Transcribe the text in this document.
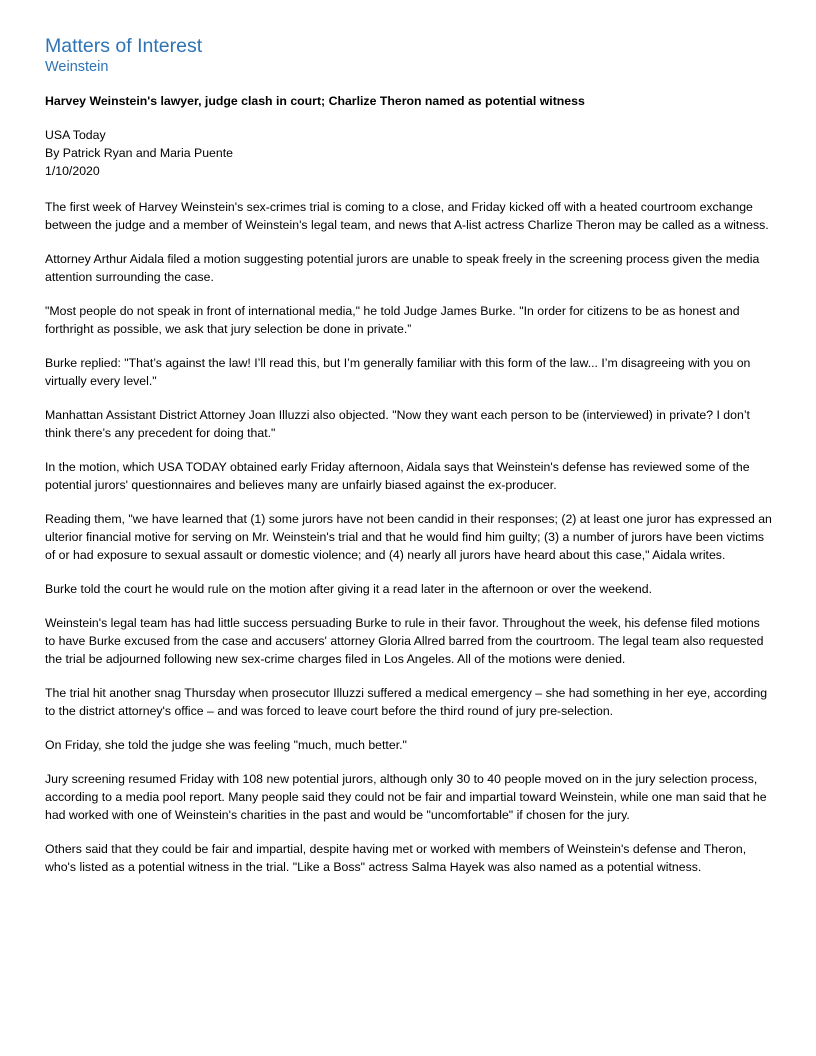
Matters of Interest
Weinstein
Harvey Weinstein's lawyer, judge clash in court; Charlize Theron named as potential witness
USA Today
By Patrick Ryan and Maria Puente
1/10/2020

The first week of Harvey Weinstein's sex-crimes trial is coming to a close, and Friday kicked off with a heated courtroom exchange between the judge and a member of Weinstein's legal team, and news that A-list actress Charlize Theron may be called as a witness.

Attorney Arthur Aidala filed a motion suggesting potential jurors are unable to speak freely in the screening process given the media attention surrounding the case.

"Most people do not speak in front of international media," he told Judge James Burke. "In order for citizens to be as honest and forthright as possible, we ask that jury selection be done in private.”

Burke replied: "That’s against the law! I’ll read this, but I’m generally familiar with this form of the law... I’m disagreeing with you on virtually every level."

Manhattan Assistant District Attorney Joan Illuzzi also objected. "Now they want each person to be (interviewed) in private? I don’t think there’s any precedent for doing that."

In the motion, which USA TODAY obtained early Friday afternoon, Aidala says that Weinstein's defense has reviewed some of the potential jurors' questionnaires and believes many are unfairly biased against the ex-producer.

Reading them, "we have learned that (1) some jurors have not been candid in their responses; (2) at least one juror has expressed an ulterior financial motive for serving on Mr. Weinstein's trial and that he would find him guilty; (3) a number of jurors have been victims of or had exposure to sexual assault or domestic violence; and (4) nearly all jurors have heard about this case," Aidala writes.

Burke told the court he would rule on the motion after giving it a read later in the afternoon or over the weekend.

Weinstein's legal team has had little success persuading Burke to rule in their favor. Throughout the week, his defense filed motions to have Burke excused from the case and accusers' attorney Gloria Allred barred from the courtroom. The legal team also requested the trial be adjourned following new sex-crime charges filed in Los Angeles. All of the motions were denied.

The trial hit another snag Thursday when prosecutor Illuzzi suffered a medical emergency – she had something in her eye, according to the district attorney's office – and was forced to leave court before the third round of jury pre-selection.

On Friday, she told the judge she was feeling "much, much better."

Jury screening resumed Friday with 108 new potential jurors, although only 30 to 40 people moved on in the jury selection process, according to a media pool report. Many people said they could not be fair and impartial toward Weinstein, while one man said that he had worked with one of Weinstein's charities in the past and would be "uncomfortable" if chosen for the jury.

Others said that they could be fair and impartial, despite having met or worked with members of Weinstein's defense and Theron, who's listed as a potential witness in the trial. "Like a Boss" actress Salma Hayek was also named as a potential witness.
